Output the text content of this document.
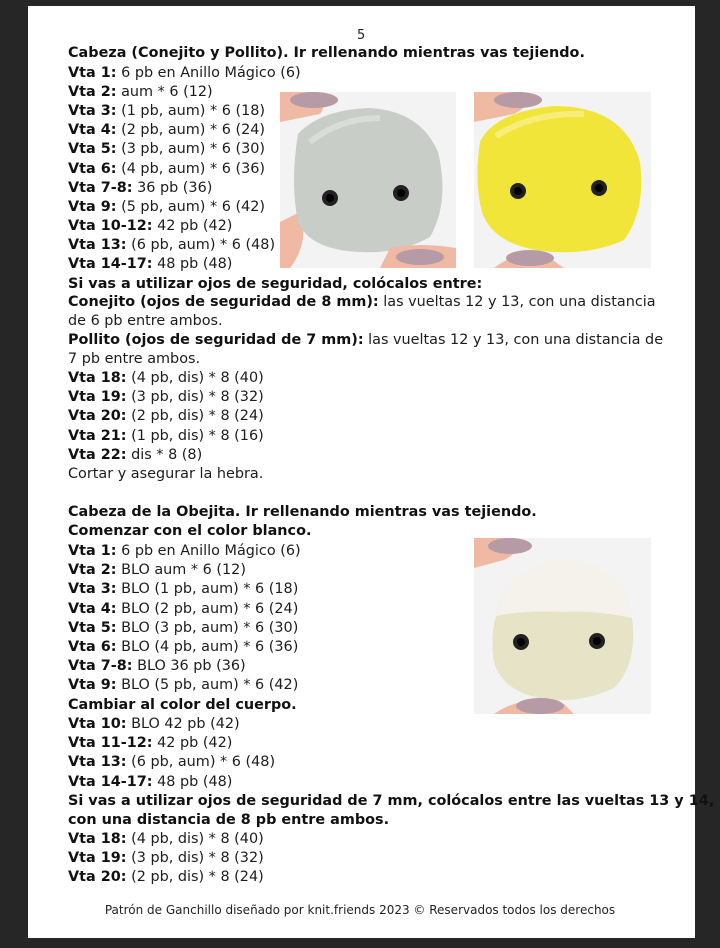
5
Cabeza (Conejito y Pollito). Ir rellenando mientras vas tejiendo.
Vta 1: 6 pb en Anillo Mágico (6)
Vta 2: aum * 6 (12)
Vta 3: (1 pb, aum) * 6 (18)
Vta 4: (2 pb, aum) * 6 (24)
Vta 5: (3 pb, aum) * 6 (30)
Vta 6: (4 pb, aum) * 6 (36)
Vta 7-8: 36 pb (36)
Vta 9: (5 pb, aum) * 6 (42)
Vta 10-12: 42 pb (42)
Vta 13: (6 pb, aum) * 6 (48)
Vta 14-17: 48 pb (48)
Si vas a utilizar ojos de seguridad, colócalos entre:
Conejito (ojos de seguridad de 8 mm): las vueltas 12 y 13, con una distancia
de 6 pb entre ambos.
Pollito (ojos de seguridad de 7 mm): las vueltas 12 y 13, con una distancia de
7 pb entre ambos.
Vta 18: (4 pb, dis) * 8 (40)
Vta 19: (3 pb, dis) * 8 (32)
Vta 20: (2 pb, dis) * 8 (24)
Vta 21: (1 pb, dis) * 8 (16)
Vta 22: dis * 8 (8)
Cortar y asegurar la hebra.
Cabeza de la Obejita. Ir rellenando mientras vas tejiendo.
Comenzar con el color blanco.
Vta 1: 6 pb en Anillo Mágico (6)
Vta 2: BLO aum * 6 (12)
Vta 3: BLO (1 pb, aum) * 6 (18)
Vta 4: BLO (2 pb, aum) * 6 (24)
Vta 5: BLO (3 pb, aum) * 6 (30)
Vta 6: BLO (4 pb, aum) * 6 (36)
Vta 7-8: BLO 36 pb (36)
Vta 9: BLO (5 pb, aum) * 6 (42)
Cambiar al color del cuerpo.
Vta 10: BLO 42 pb (42)
Vta 11-12: 42 pb (42)
Vta 13: (6 pb, aum) * 6 (48)
Vta 14-17: 48 pb (48)
Si vas a utilizar ojos de seguridad de 7 mm, colócalos entre las vueltas 13 y 14,
con una distancia de 8 pb entre ambos.
Vta 18: (4 pb, dis) * 8 (40)
Vta 19: (3 pb, dis) * 8 (32)
Vta 20: (2 pb, dis) * 8 (24)
Patrón de Ganchillo diseñado por knit.friends 2023 © Reservados todos los derechos
